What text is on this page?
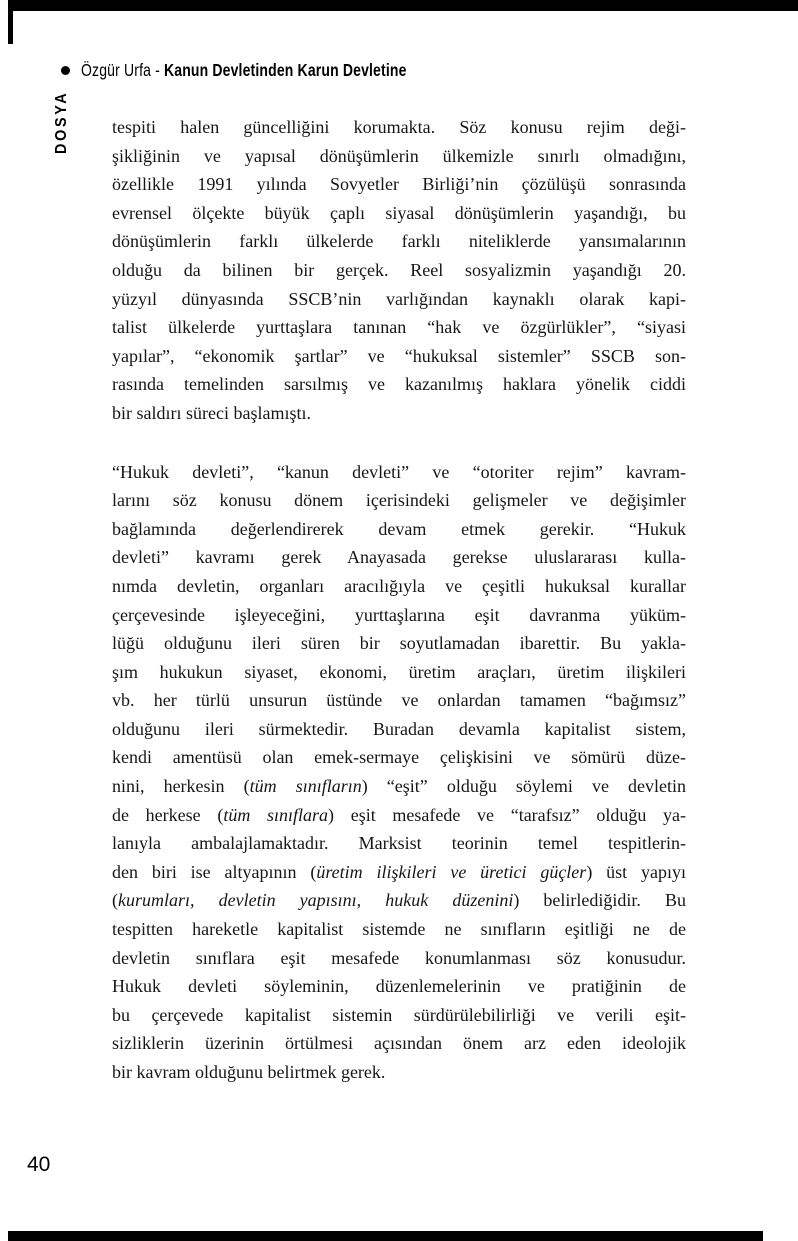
Özgür Urfa - Kanun Devletinden Karun Devletine
DOSYA tespiti halen güncelliğini korumakta. Söz konusu rejim deği-
şikliğinin ve yapısal dönüşümlerin ülkemizle sınırlı olmadığını,
özellikle 1991 yılında Sovyetler Birliği’nin çözülüşü sonrasında
evrensel ölçekte büyük çaplı siyasal dönüşümlerin yaşandığı, bu
dönüşümlerin farklı ülkelerde farklı niteliklerde yansımalarının
olduğu da bilinen bir gerçek. Reel sosyalizmin yaşandığı 20.
yüzyıl dünyasında SSCB’nin varlığından kaynaklı olarak kapi-
talist ülkelerde yurttaşlara tanınan “hak ve özgürlükler”, “siyasi
yapılar”, “ekonomik şartlar” ve “hukuksal sistemler” SSCB son-
rasında temelinden sarsılmış ve kazanılmış haklara yönelik ciddi
bir saldırı süreci başlamıştı.
“Hukuk devleti”, “kanun devleti” ve “otoriter rejim” kavram-
larını söz konusu dönem içerisindeki gelişmeler ve değişimler
bağlamında değerlendirerek devam etmek gerekir. “Hukuk
devleti” kavramı gerek Anayasada gerekse uluslararası kulla-
nımda devletin, organları aracılığıyla ve çeşitli hukuksal kurallar
çerçevesinde işleyeceğini, yurttaşlarına eşit davranma yüküm-
lüğü olduğunu ileri süren bir soyutlamadan ibarettir. Bu yakla-
şım hukukun siyaset, ekonomi, üretim araçları, üretim ilişkileri
vb. her türlü unsurun üstünde ve onlardan tamamen “bağımsız”
olduğunu ileri sürmektedir. Buradan devamla kapitalist sistem,
kendi amentüsü olan emek-sermaye çelişkisini ve sömürü düze-
nini, herkesin (tüm sınıfların) “eşit” olduğu söylemi ve devletin
de herkese (tüm sınıflara) eşit mesafede ve “tarafsız” olduğu ya-
lanıyla ambalajlamaktadır. Marksist teorinin temel tespitlerin-
den biri ise altyapının (üretim ilişkileri ve üretici güçler) üst yapıyı
(kurumları, devletin yapısını, hukuk düzenini) belirlediğidir. Bu
tespitten hareketle kapitalist sistemde ne sınıfların eşitliği ne de
devletin sınıflara eşit mesafede konumlanması söz konusudur.
Hukuk devleti söyleminin, düzenlemelerinin ve pratiğinin de
bu çerçevede kapitalist sistemin sürdürülebilirliği ve verili eşit-
sizliklerin üzerinin örtülmesi açısından önem arz eden ideolojik
bir kavram olduğunu belirtmek gerek.
40
